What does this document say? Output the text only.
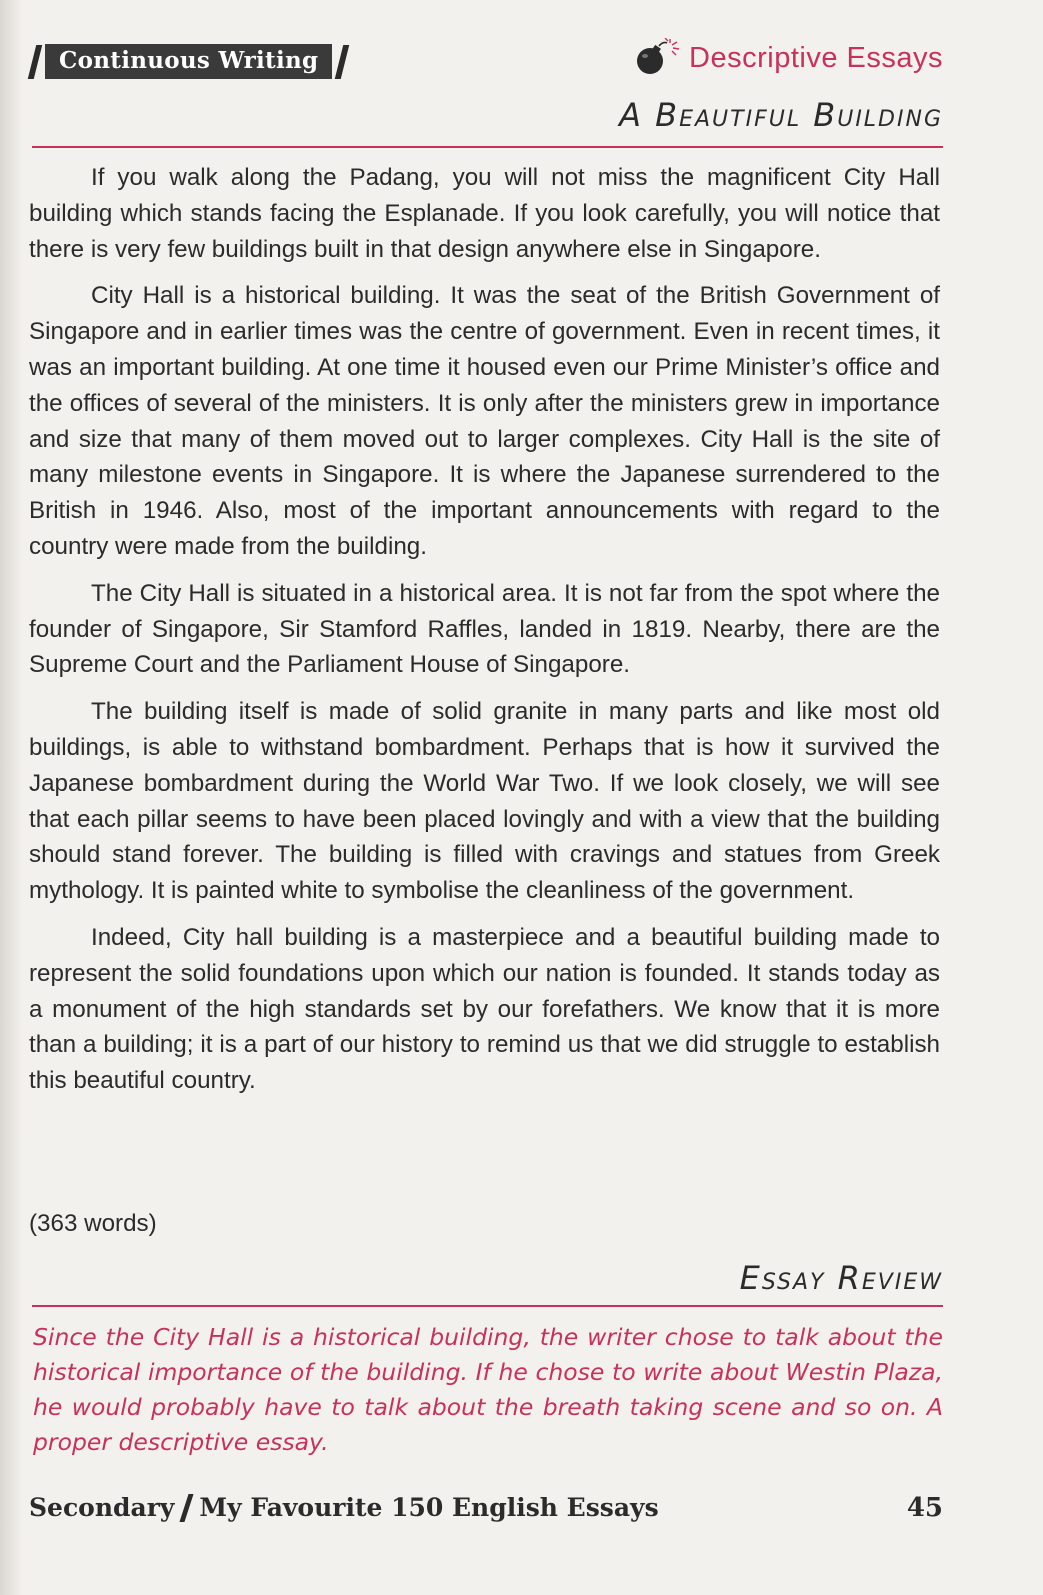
Continuous Writing	Descriptive Essays
A Beautiful Building

If you walk along the Padang, you will not miss the magnificent City Hall building which stands facing the Esplanade. If you look carefully, you will notice that there is very few buildings built in that design anywhere else in Singapore.

City Hall is a historical building. It was the seat of the British Government of Singapore and in earlier times was the centre of government. Even in recent times, it was an important building. At one time it housed even our Prime Minister’s office and the offices of several of the ministers. It is only after the ministers grew in importance and size that many of them moved out to larger complexes. City Hall is the site of many milestone events in Singapore. It is where the Japanese surrendered to the British in 1946. Also, most of the important announcements with regard to the country were made from the building.

The City Hall is situated in a historical area. It is not far from the spot where the founder of Singapore, Sir Stamford Raffles, landed in 1819. Nearby, there are the Supreme Court and the Parliament House of Singapore.

The building itself is made of solid granite in many parts and like most old buildings, is able to withstand bombardment. Perhaps that is how it survived the Japanese bombardment during the World War Two. If we look closely, we will see that each pillar seems to have been placed lovingly and with a view that the building should stand forever. The building is filled with cravings and statues from Greek mythology. It is painted white to symbolise the cleanliness of the government.

Indeed, City hall building is a masterpiece and a beautiful building made to represent the solid foundations upon which our nation is founded. It stands today as a monument of the high standards set by our forefathers. We know that it is more than a building; it is a part of our history to remind us that we did struggle to establish this beautiful country.

(363 words)
Essay Review
Since the City Hall is a historical building, the writer chose to talk about the historical importance of the building. If he chose to write about Westin Plaza, he would probably have to talk about the breath taking scene and so on. A proper descriptive essay.
Secondary My Favourite 150 English Essays	45
